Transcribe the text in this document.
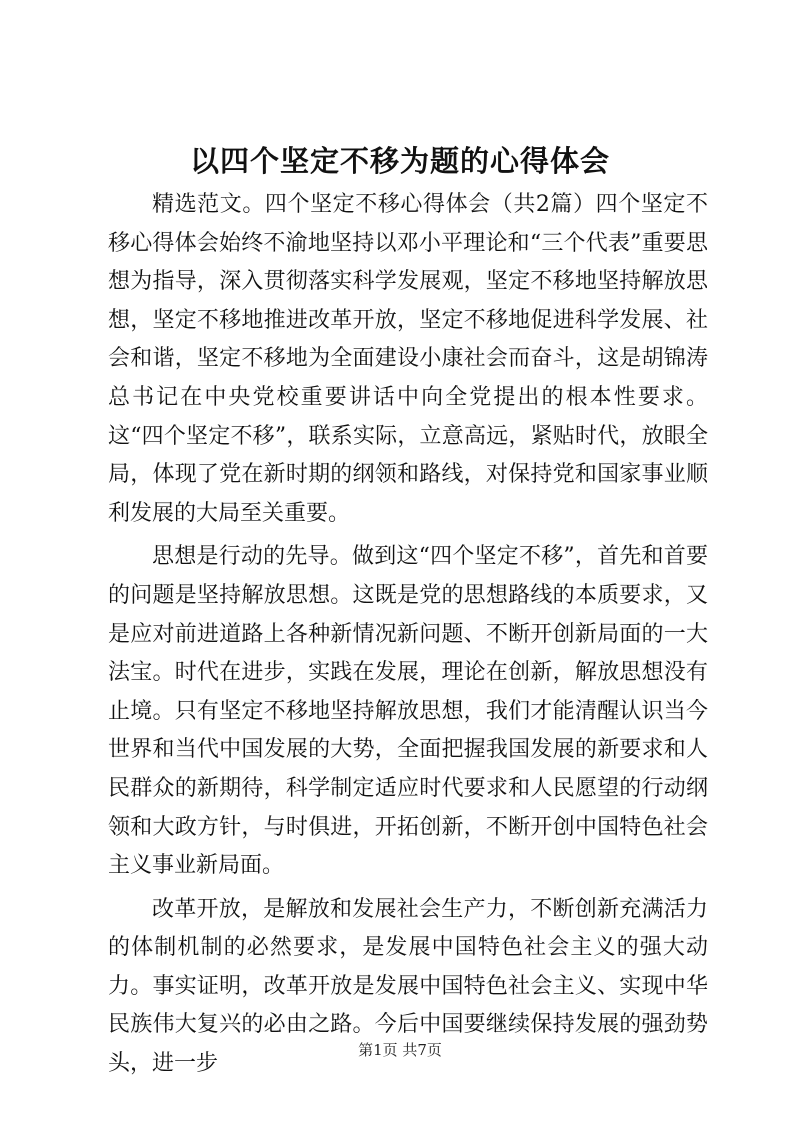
以四个坚定不移为题的心得体会

精选范文。四个坚定不移心得体会（共2篇）四个坚定不移心得体会始终不渝地坚持以邓小平理论和“三个代表”重要思想为指导，深入贯彻落实科学发展观，坚定不移地坚持解放思想，坚定不移地推进改革开放，坚定不移地促进科学发展、社会和谐，坚定不移地为全面建设小康社会而奋斗，这是胡锦涛总书记在中央党校重要讲话中向全党提出的根本性要求。这“四个坚定不移”，联系实际，立意高远，紧贴时代，放眼全局，体现了党在新时期的纲领和路线，对保持党和国家事业顺利发展的大局至关重要。

思想是行动的先导。做到这“四个坚定不移”，首先和首要的问题是坚持解放思想。这既是党的思想路线的本质要求，又是应对前进道路上各种新情况新问题、不断开创新局面的一大法宝。时代在进步，实践在发展，理论在创新，解放思想没有止境。只有坚定不移地坚持解放思想，我们才能清醒认识当今世界和当代中国发展的大势，全面把握我国发展的新要求和人民群众的新期待，科学制定适应时代要求和人民愿望的行动纲领和大政方针，与时俱进，开拓创新，不断开创中国特色社会主义事业新局面。

改革开放，是解放和发展社会生产力，不断创新充满活力的体制机制的必然要求，是发展中国特色社会主义的强大动力。事实证明，改革开放是发展中国特色社会主义、实现中华民族伟大复兴的必由之路。今后中国要继续保持发展的强劲势头，进一步

第1页 共7页
